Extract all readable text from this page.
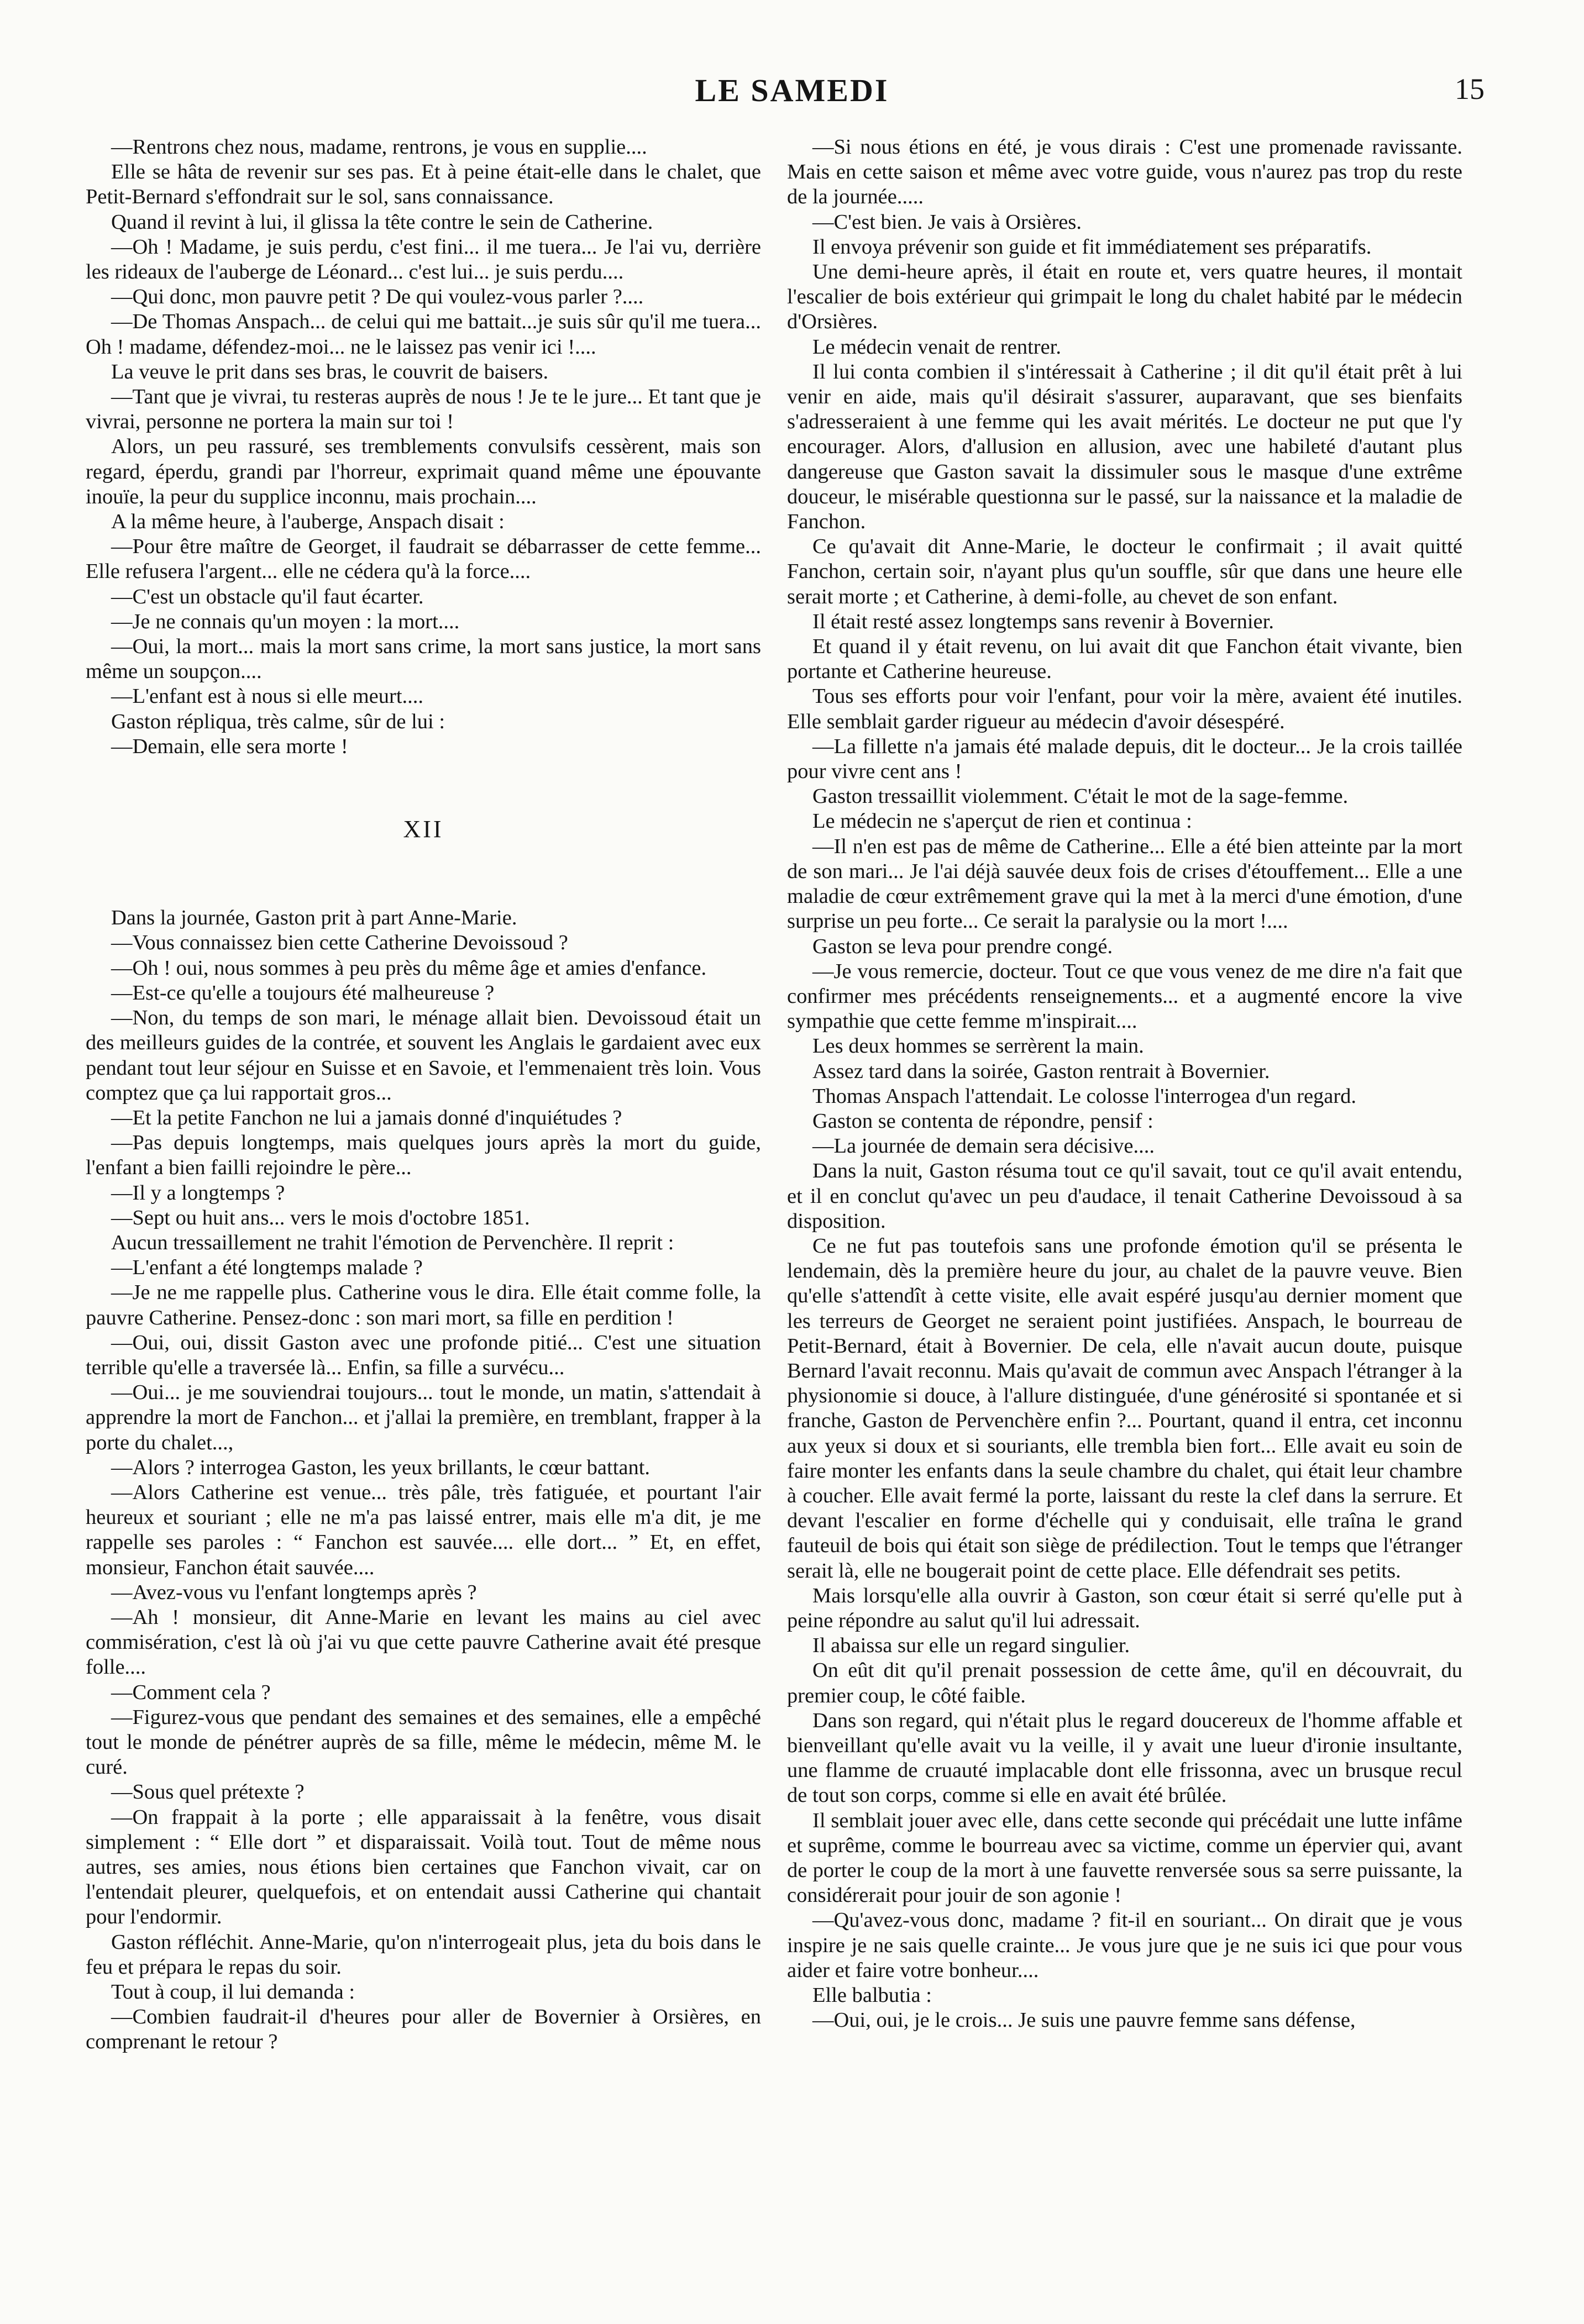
LE SAMEDI	15

—Rentrons chez nous, madame, rentrons, je vous en supplie....

Elle se hâta de revenir sur ses pas. Et à peine était-elle dans le chalet, que Petit-Bernard s'effondrait sur le sol, sans connaissance.

Quand il revint à lui, il glissa la tête contre le sein de Catherine.

—Oh ! Madame, je suis perdu, c'est fini... il me tuera... Je l'ai vu, derrière les rideaux de l'auberge de Léonard... c'est lui... je suis perdu....

—Qui donc, mon pauvre petit ? De qui voulez-vous parler ?....

—De Thomas Anspach... de celui qui me battait...je suis sûr qu'il me tuera... Oh ! madame, défendez-moi... ne le laissez pas venir ici !....

La veuve le prit dans ses bras, le couvrit de baisers.

—Tant que je vivrai, tu resteras auprès de nous ! Je te le jure... Et tant que je vivrai, personne ne portera la main sur toi !

Alors, un peu rassuré, ses tremblements convulsifs cessèrent, mais son regard, éperdu, grandi par l'horreur, exprimait quand même une épouvante inouïe, la peur du supplice inconnu, mais prochain....

A la même heure, à l'auberge, Anspach disait :

—Pour être maître de Georget, il faudrait se débarrasser de cette femme... Elle refusera l'argent... elle ne cédera qu'à la force....

—C'est un obstacle qu'il faut écarter.

—Je ne connais qu'un moyen : la mort....

—Oui, la mort... mais la mort sans crime, la mort sans justice, la mort sans même un soupçon....

—L'enfant est à nous si elle meurt....

Gaston répliqua, très calme, sûr de lui :

—Demain, elle sera morte !

XII

Dans la journée, Gaston prit à part Anne-Marie.

—Vous connaissez bien cette Catherine Devoissoud ?

—Oh ! oui, nous sommes à peu près du même âge et amies d'enfance.

—Est-ce qu'elle a toujours été malheureuse ?

—Non, du temps de son mari, le ménage allait bien. Devoissoud était un des meilleurs guides de la contrée, et souvent les Anglais le gardaient avec eux pendant tout leur séjour en Suisse et en Savoie, et l'emmenaient très loin. Vous comptez que ça lui rapportait gros...

—Et la petite Fanchon ne lui a jamais donné d'inquiétudes ?

—Pas depuis longtemps, mais quelques jours après la mort du guide, l'enfant a bien failli rejoindre le père...

—Il y a longtemps ?

—Sept ou huit ans... vers le mois d'octobre 1851.

Aucun tressaillement ne trahit l'émotion de Pervenchère. Il reprit :

—L'enfant a été longtemps malade ?

—Je ne me rappelle plus. Catherine vous le dira. Elle était comme folle, la pauvre Catherine. Pensez-donc : son mari mort, sa fille en perdition !

—Oui, oui, dissit Gaston avec une profonde pitié... C'est une situation terrible qu'elle a traversée là... Enfin, sa fille a survécu...

—Oui... je me souviendrai toujours... tout le monde, un matin, s'attendait à apprendre la mort de Fanchon... et j'allai la première, en tremblant, frapper à la porte du chalet...,

—Alors ? interrogea Gaston, les yeux brillants, le cœur battant.

—Alors Catherine est venue... très pâle, très fatiguée, et pourtant l'air heureux et souriant ; elle ne m'a pas laissé entrer, mais elle m'a dit, je me rappelle ses paroles : “ Fanchon est sauvée.... elle dort... ” Et, en effet, monsieur, Fanchon était sauvée....

—Avez-vous vu l'enfant longtemps après ?

—Ah ! monsieur, dit Anne-Marie en levant les mains au ciel avec commisération, c'est là où j'ai vu que cette pauvre Catherine avait été presque folle....

—Comment cela ?

—Figurez-vous que pendant des semaines et des semaines, elle a empêché tout le monde de pénétrer auprès de sa fille, même le médecin, même M. le curé.

—Sous quel prétexte ?

—On frappait à la porte ; elle apparaissait à la fenêtre, vous disait simplement : “ Elle dort ” et disparaissait. Voilà tout. Tout de même nous autres, ses amies, nous étions bien certaines que Fanchon vivait, car on l'entendait pleurer, quelquefois, et on entendait aussi Catherine qui chantait pour l'endormir.

Gaston réfléchit. Anne-Marie, qu'on n'interrogeait plus, jeta du bois dans le feu et prépara le repas du soir.

Tout à coup, il lui demanda :

—Combien faudrait-il d'heures pour aller de Bovernier à Orsières, en comprenant le retour ?

—Si nous étions en été, je vous dirais : C'est une promenade ravissante. Mais en cette saison et même avec votre guide, vous n'aurez pas trop du reste de la journée.....

—C'est bien. Je vais à Orsières.

Il envoya prévenir son guide et fit immédiatement ses préparatifs.

Une demi-heure après, il était en route et, vers quatre heures, il montait l'escalier de bois extérieur qui grimpait le long du chalet habité par le médecin d'Orsières.

Le médecin venait de rentrer.

Il lui conta combien il s'intéressait à Catherine ; il dit qu'il était prêt à lui venir en aide, mais qu'il désirait s'assurer, auparavant, que ses bienfaits s'adresseraient à une femme qui les avait mérités. Le docteur ne put que l'y encourager. Alors, d'allusion en allusion, avec une habileté d'autant plus dangereuse que Gaston savait la dissimuler sous le masque d'une extrême douceur, le misérable questionna sur le passé, sur la naissance et la maladie de Fanchon.

Ce qu'avait dit Anne-Marie, le docteur le confirmait ; il avait quitté Fanchon, certain soir, n'ayant plus qu'un souffle, sûr que dans une heure elle serait morte ; et Catherine, à demi-folle, au chevet de son enfant.

Il était resté assez longtemps sans revenir à Bovernier.

Et quand il y était revenu, on lui avait dit que Fanchon était vivante, bien portante et Catherine heureuse.

Tous ses efforts pour voir l'enfant, pour voir la mère, avaient été inutiles. Elle semblait garder rigueur au médecin d'avoir désespéré.

—La fillette n'a jamais été malade depuis, dit le docteur... Je la crois taillée pour vivre cent ans !

Gaston tressaillit violemment. C'était le mot de la sage-femme.

Le médecin ne s'aperçut de rien et continua :

—Il n'en est pas de même de Catherine... Elle a été bien atteinte par la mort de son mari... Je l'ai déjà sauvée deux fois de crises d'étouffement... Elle a une maladie de cœur extrêmement grave qui la met à la merci d'une émotion, d'une surprise un peu forte... Ce serait la paralysie ou la mort !....

Gaston se leva pour prendre congé.

—Je vous remercie, docteur. Tout ce que vous venez de me dire n'a fait que confirmer mes précédents renseignements... et a augmenté encore la vive sympathie que cette femme m'inspirait....

Les deux hommes se serrèrent la main.

Assez tard dans la soirée, Gaston rentrait à Bovernier.

Thomas Anspach l'attendait. Le colosse l'interrogea d'un regard.

Gaston se contenta de répondre, pensif :

—La journée de demain sera décisive....

Dans la nuit, Gaston résuma tout ce qu'il savait, tout ce qu'il avait entendu, et il en conclut qu'avec un peu d'audace, il tenait Catherine Devoissoud à sa disposition.

Ce ne fut pas toutefois sans une profonde émotion qu'il se présenta le lendemain, dès la première heure du jour, au chalet de la pauvre veuve. Bien qu'elle s'attendît à cette visite, elle avait espéré jusqu'au dernier moment que les terreurs de Georget ne seraient point justifiées. Anspach, le bourreau de Petit-Bernard, était à Bovernier. De cela, elle n'avait aucun doute, puisque Bernard l'avait reconnu. Mais qu'avait de commun avec Anspach l'étranger à la physionomie si douce, à l'allure distinguée, d'une générosité si spontanée et si franche, Gaston de Pervenchère enfin ?... Pourtant, quand il entra, cet inconnu aux yeux si doux et si souriants, elle trembla bien fort... Elle avait eu soin de faire monter les enfants dans la seule chambre du chalet, qui était leur chambre à coucher. Elle avait fermé la porte, laissant du reste la clef dans la serrure. Et devant l'escalier en forme d'échelle qui y conduisait, elle traîna le grand fauteuil de bois qui était son siège de prédilection. Tout le temps que l'étranger serait là, elle ne bougerait point de cette place. Elle défendrait ses petits.

Mais lorsqu'elle alla ouvrir à Gaston, son cœur était si serré qu'elle put à peine répondre au salut qu'il lui adressait.

Il abaissa sur elle un regard singulier.

On eût dit qu'il prenait possession de cette âme, qu'il en découvrait, du premier coup, le côté faible.

Dans son regard, qui n'était plus le regard doucereux de l'homme affable et bienveillant qu'elle avait vu la veille, il y avait une lueur d'ironie insultante, une flamme de cruauté implacable dont elle frissonna, avec un brusque recul de tout son corps, comme si elle en avait été brûlée.

Il semblait jouer avec elle, dans cette seconde qui précédait une lutte infâme et suprême, comme le bourreau avec sa victime, comme un épervier qui, avant de porter le coup de la mort à une fauvette renversée sous sa serre puissante, la considérerait pour jouir de son agonie !

—Qu'avez-vous donc, madame ? fit-il en souriant... On dirait que je vous inspire je ne sais quelle crainte... Je vous jure que je ne suis ici que pour vous aider et faire votre bonheur....

Elle balbutia :

—Oui, oui, je le crois... Je suis une pauvre femme sans défense,
